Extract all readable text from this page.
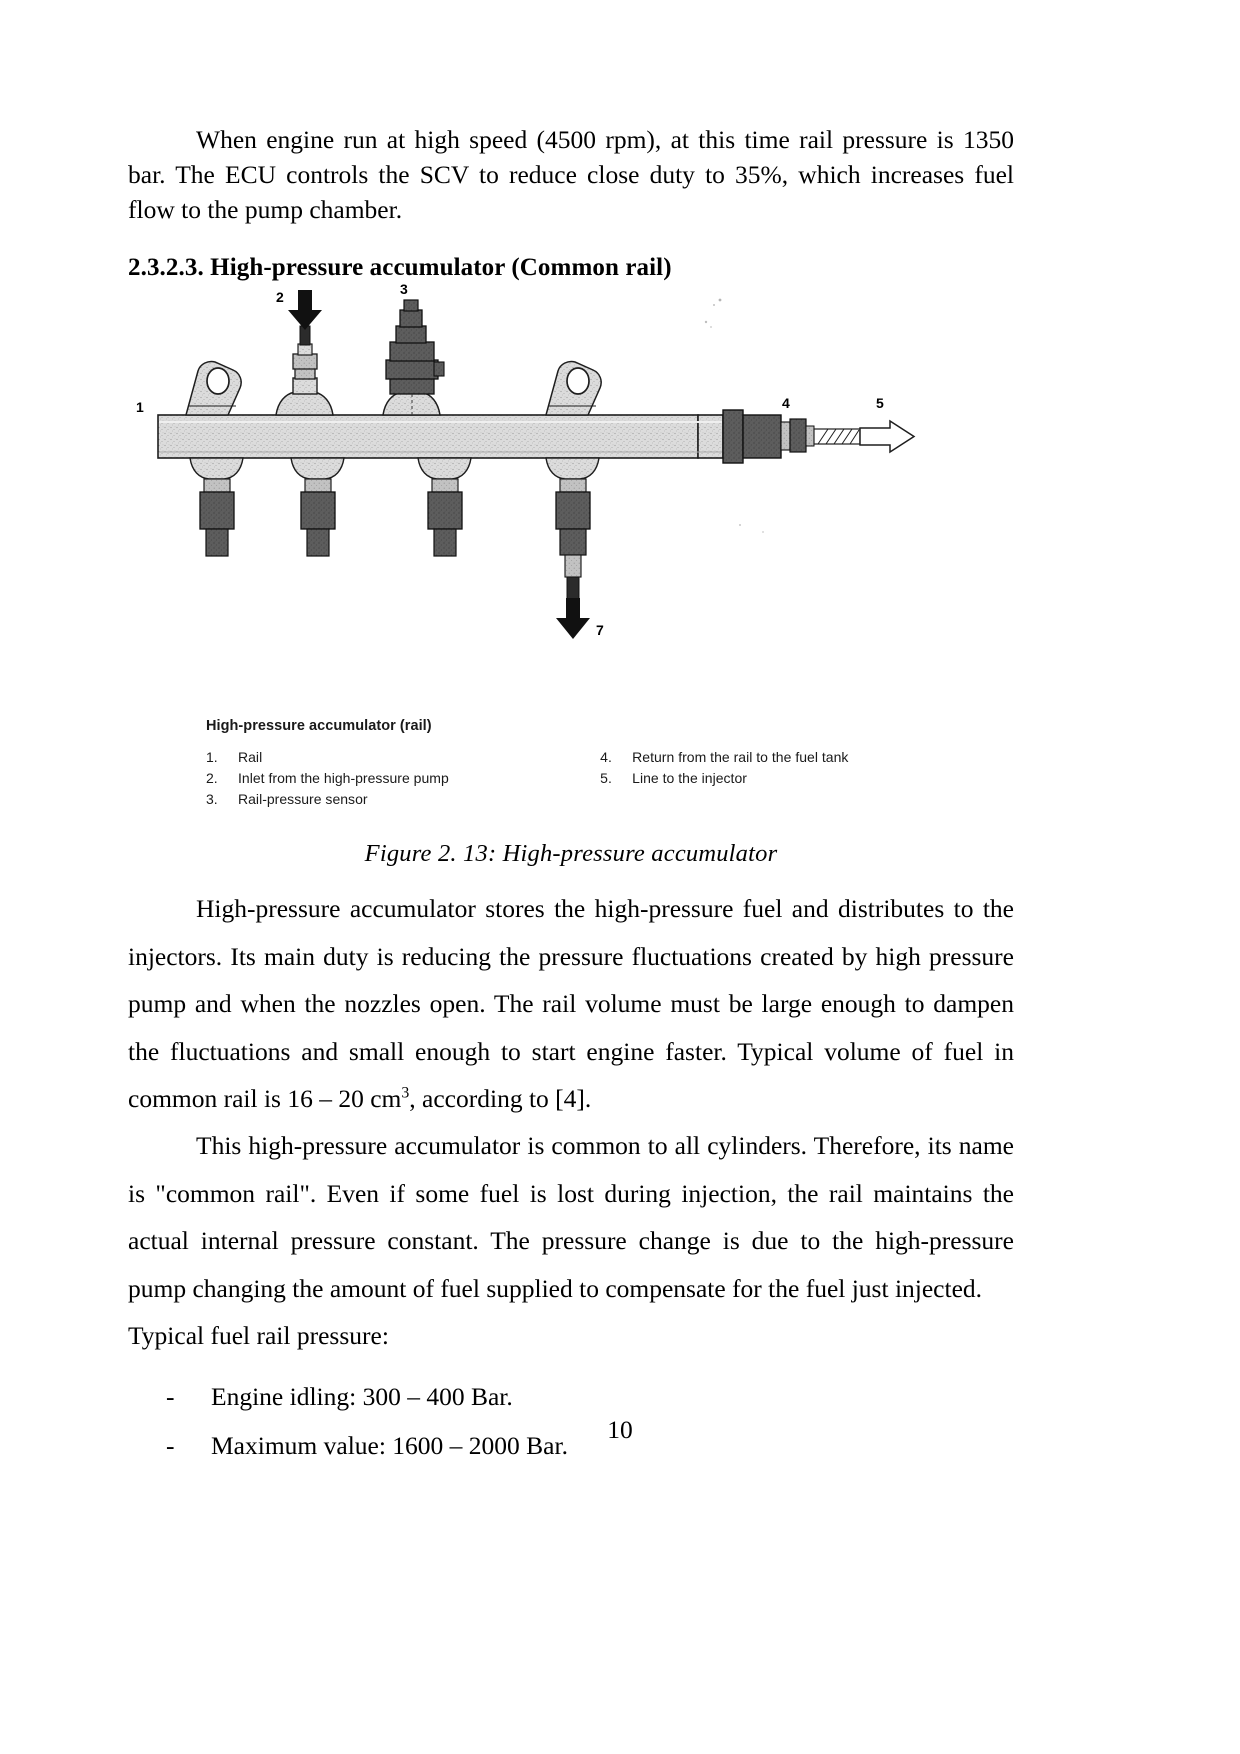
When engine run at high speed (4500 rpm), at this time rail pressure is 1350 bar. The ECU controls the SCV to reduce close duty to 35%, which increases fuel flow to the pump chamber.

2.3.2.3. High-pressure accumulator (Common rail)
2	3
4	5
1
7
High-pressure accumulator (rail)
1.	Rail
2.	Inlet from the high-pressure pump
3.	Rail-pressure sensor
4.	Return from the rail to the fuel tank
5.	Line to the injector
Figure 2. 13: High-pressure accumulator

High-pressure accumulator stores the high-pressure fuel and distributes to the injectors. Its main duty is reducing the pressure fluctuations created by high pressure pump and when the nozzles open. The rail volume must be large enough to dampen the fluctuations and small enough to start engine faster. Typical volume of fuel in common rail is 16 – 20 $cm^3$, according to [4].

This high-pressure accumulator is common to all cylinders. Therefore, its name is "common rail". Even if some fuel is lost during injection, the rail maintains the actual internal pressure constant. The pressure change is due to the high-pressure pump changing the amount of fuel supplied to compensate for the fuel just injected.

Typical fuel rail pressure:

-	Engine idling: 300 – 400 Bar.
-	Maximum value: 1600 – 2000 Bar.
10
